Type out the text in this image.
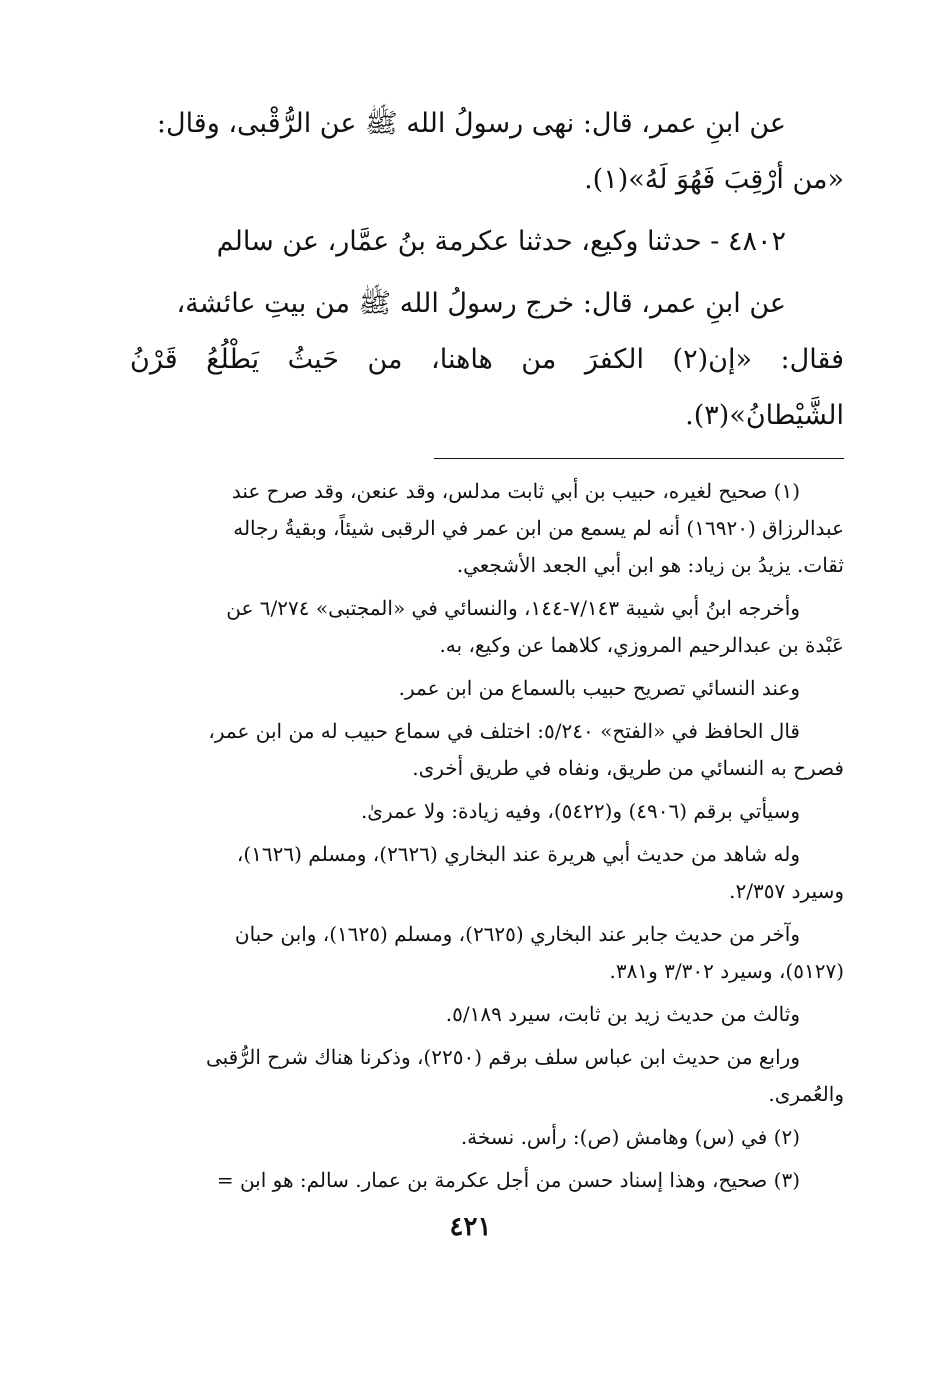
عن ابنِ عمر، قال: نهى رسولُ الله ﷺ عن الرُّقْبى، وقال:

«من أرْقِبَ فَهُوَ لَهُ»(١).

٤٨٠٢ - حدثنا وكيع، حدثنا عكرمة بنُ عمَّار، عن سالم

عن ابنِ عمر، قال: خرج رسولُ الله ﷺ من بيتِ عائشة،

فقال: «إن(٢) الكفرَ من هاهنا، من حَيثُ يَطْلُعُ قَرْنُ الشَّيْطانُ»(٣).

(١) صحيح لغيره، حبيب بن أبي ثابت مدلس، وقد عنعن، وقد صرح عند

عبدالرزاق (١٦٩٢٠) أنه لم يسمع من ابن عمر في الرقبى شيئاً، وبقيةُ رجاله

ثقات. يزيدُ بن زياد: هو ابن أبي الجعد الأشجعي.

وأخرجه ابنُ أبي شيبة ٧/١٤٣-١٤٤، والنسائي في «المجتبى» ٦/٢٧٤ عن

عَبْدة بن عبدالرحيم المروزي، كلاهما عن وكيع، به.

وعند النسائي تصريح حبيب بالسماع من ابن عمر.

قال الحافظ في «الفتح» ٥/٢٤٠: اختلف في سماع حبيب له من ابن عمر،

فصرح به النسائي من طريق، ونفاه في طريق أخرى.

وسيأتي برقم (٤٩٠٦) و(٥٤٢٢)، وفيه زيادة: ولا عمرىٰ.

وله شاهد من حديث أبي هريرة عند البخاري (٢٦٢٦)، ومسلم (١٦٢٦)،

وسيرد ٢/٣٥٧.

وآخر من حديث جابر عند البخاري (٢٦٢٥)، ومسلم (١٦٢٥)، وابن حبان

(٥١٢٧)، وسيرد ٣/٣٠٢ و٣٨١.

وثالث من حديث زيد بن ثابت، سيرد ٥/١٨٩.

ورابع من حديث ابن عباس سلف برقم (٢٢٥٠)، وذكرنا هناك شرح الرُّقبى

والعُمرى.

(٢) في (س) وهامش (ص): رأس. نسخة.

(٣) صحيح، وهذا إسناد حسن من أجل عكرمة بن عمار. سالم: هو ابن =

٤٢١
